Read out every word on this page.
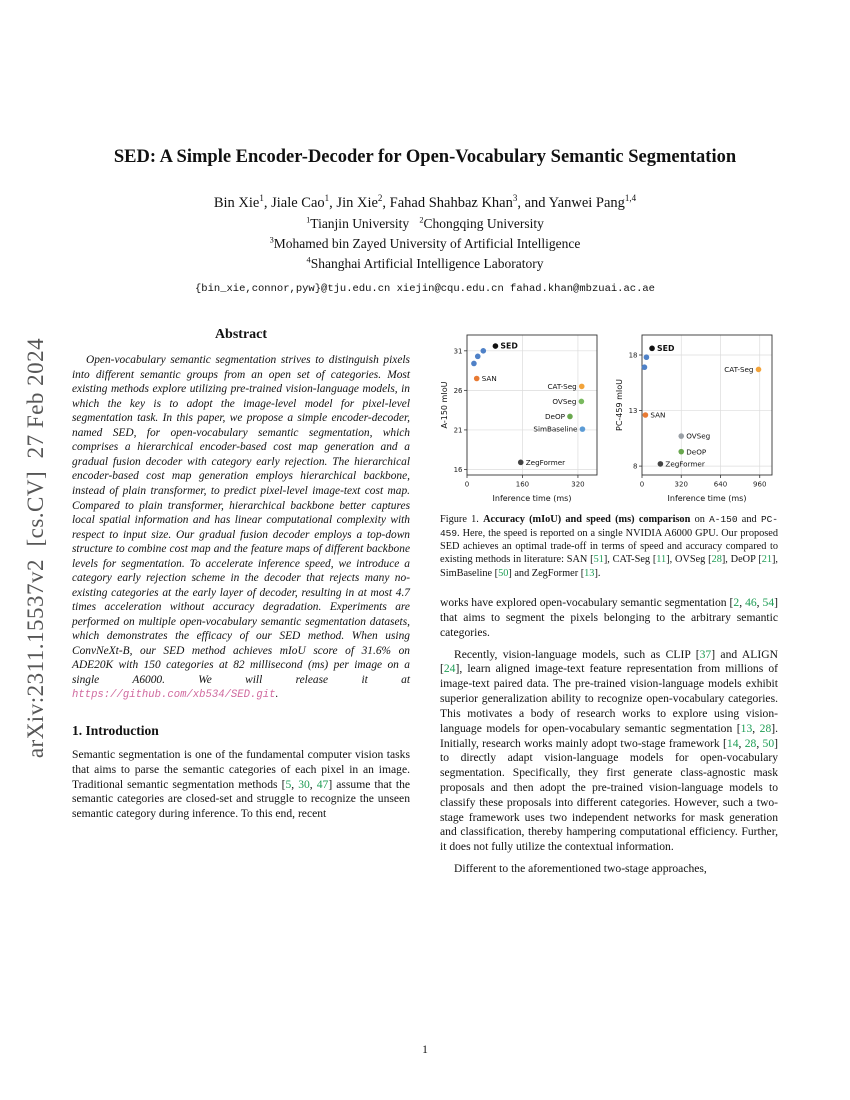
arXiv:2311.15537v2  [cs.CV]  27 Feb 2024
SED: A Simple Encoder-Decoder for Open-Vocabulary Semantic Segmentation
Bin Xie$^1$, Jiale Cao$^1$, Jin Xie$^2$, Fahad Shahbaz Khan$^3$, and Yanwei Pang$^{1,4}$
$^1$Tianjin University   $^2$Chongqing University
$^3$Mohamed bin Zayed University of Artificial Intelligence
$^4$Shanghai Artificial Intelligence Laboratory
{bin_xie,connor,pyw}@tju.edu.cn xiejin@cqu.edu.cn fahad.khan@mbzuai.ac.ae
Abstract

Open-vocabulary semantic segmentation strives to distinguish pixels into different semantic groups from an open set of categories. Most existing methods explore utilizing pre-trained vision-language models, in which the key is to adopt the image-level model for pixel-level segmentation task. In this paper, we propose a simple encoder-decoder, named SED, for open-vocabulary semantic segmentation, which comprises a hierarchical encoder-based cost map generation and a gradual fusion decoder with category early rejection. The hierarchical encoder-based cost map generation employs hierarchical backbone, instead of plain transformer, to predict pixel-level image-text cost map. Compared to plain transformer, hierarchical backbone better captures local spatial information and has linear computational complexity with respect to input size. Our gradual fusion decoder employs a top-down structure to combine cost map and the feature maps of different backbone levels for segmentation. To accelerate inference speed, we introduce a category early rejection scheme in the decoder that rejects many no-existing categories at the early layer of decoder, resulting in at most 4.7 times acceleration without accuracy degradation. Experiments are performed on multiple open-vocabulary semantic segmentation datasets, which demonstrates the efficacy of our SED method. When using ConvNeXt-B, our SED method achieves mIoU score of 31.6% on ADE20K with 150 categories at 82 millisecond (ms) per image on a single A6000. We will release it at https://github.com/xb534/SED.git.

1. Introduction

Semantic segmentation is one of the fundamental computer vision tasks that aims to parse the semantic categories of each pixel in an image. Traditional semantic segmentation methods [5, 30, 47] assume that the semantic categories are closed-set and struggle to recognize the unseen semantic category during inference. To this end, recent

0	160	320
16
21
26
31
Inference time (ms)
A-150 mIoU
SED
SAN
CAT-Seg
OVSeg
DeOP
SimBaseline
ZegFormer
0	320	640	960
8
13
18
Inference time (ms)
PC-459 mIoU
SED
SAN
CAT-Seg
OVSeg
DeOP
ZegFormer

Figure 1. Accuracy (mIoU) and speed (ms) comparison on A-150 and PC-459. Here, the speed is reported on a single NVIDIA A6000 GPU. Our proposed SED achieves an optimal trade-off in terms of speed and accuracy compared to existing methods in literature: SAN [51], CAT-Seg [11], OVSeg [28], DeOP [21], SimBaseline [50] and ZegFormer [13].

works have explored open-vocabulary semantic segmentation [2, 46, 54] that aims to segment the pixels belonging to the arbitrary semantic categories.

Recently, vision-language models, such as CLIP [37] and ALIGN [24], learn aligned image-text feature representation from millions of image-text paired data. The pre-trained vision-language models exhibit superior generalization ability to recognize open-vocabulary categories. This motivates a body of research works to explore using vision-language models for open-vocabulary semantic segmentation [13, 28]. Initially, research works mainly adopt two-stage framework [14, 28, 50] to directly adapt vision-language models for open-vocabulary segmentation. Specifically, they first generate class-agnostic mask proposals and then adopt the pre-trained vision-language models to classify these proposals into different categories. However, such a two-stage framework uses two independent networks for mask generation and classification, thereby hampering computational efficiency. Further, it does not fully utilize the contextual information.

Different to the aforementioned two-stage approaches,

1
